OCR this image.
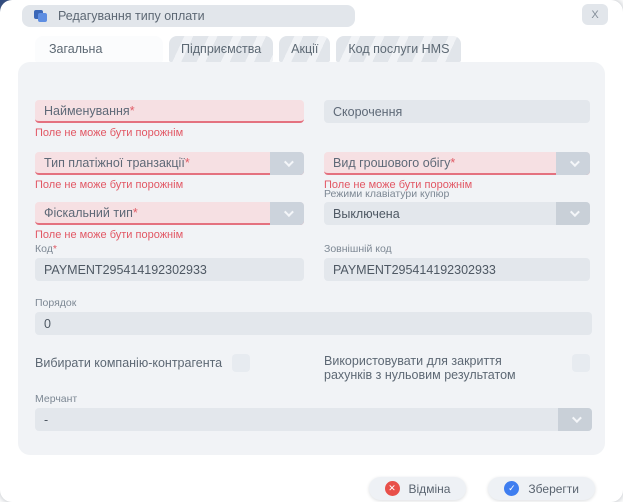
Редагування типу оплати	X
Загальна	Підприємства Акції Код послуги HMS
Найменування *
Поле не може бути порожнім
Скорочення
Тип платіжної транзакції *
Поле не може бути порожнім
Вид грошового обігу *
Поле не може бути порожнім
Фіскальний тип *
Поле не може бути порожнім
Режими клавіатури купюр
Выключена
Код*
PAYMENT295414192302933
Зовнішній код
PAYMENT295414192302933
Порядок
0
Вибирати компанію-контрагента	Використовувати для закриття рахунків з нульовим результатом
Мерчант
-
✕	Відміна	✓	Зберегти
